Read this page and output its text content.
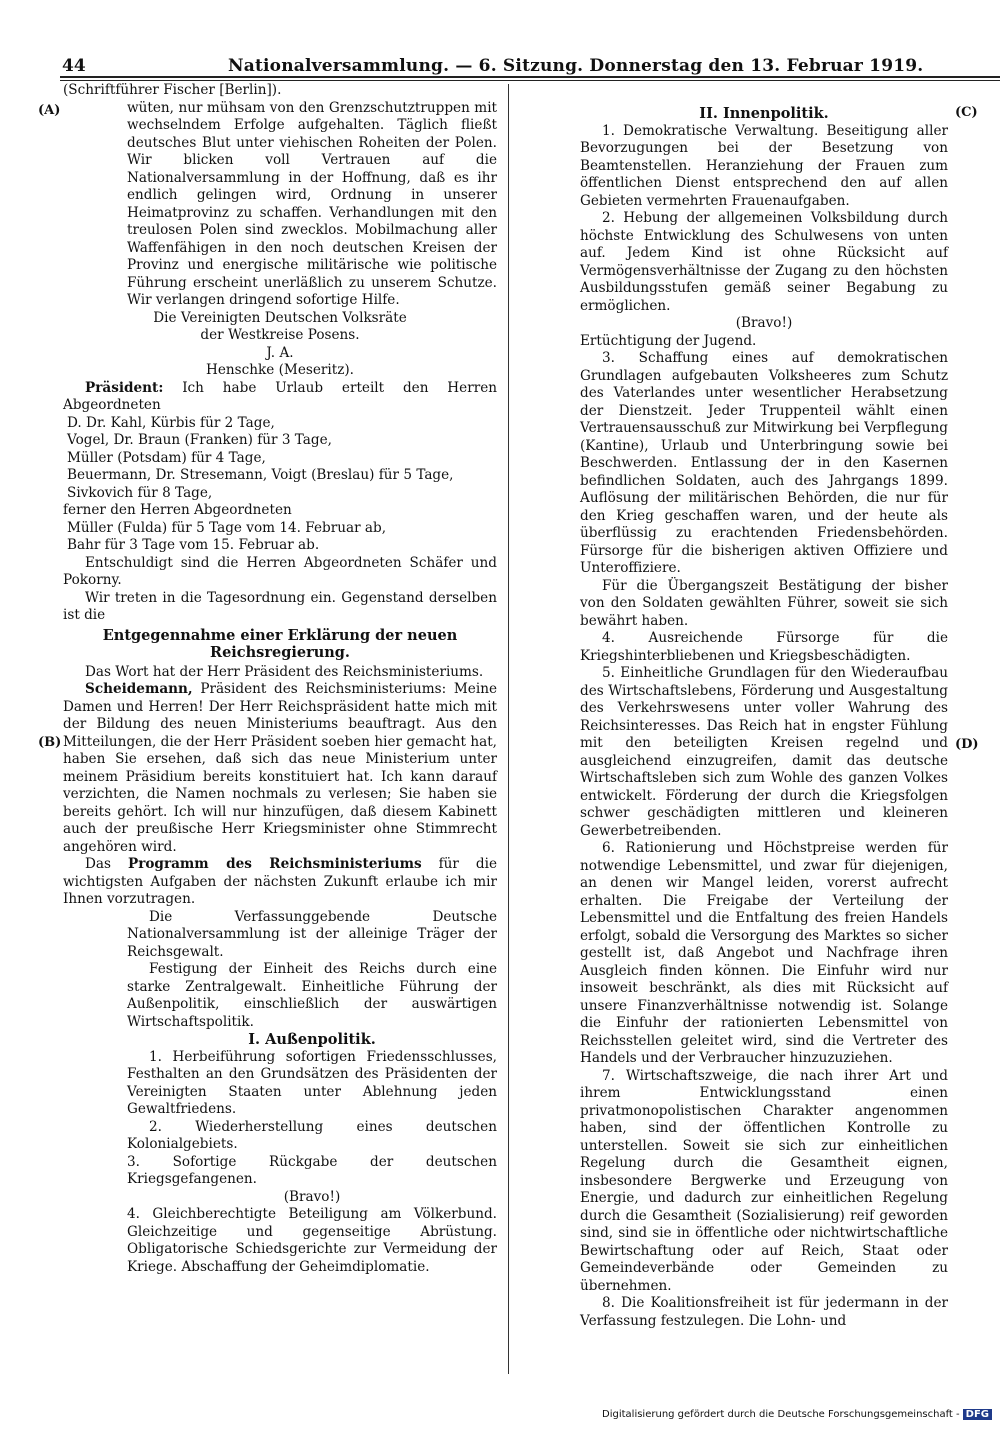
44	Nationalversammlung. — 6. Sitzung. Donnerstag den 13. Februar 1919.
(A)
(B)
(C)
(D)

(Schriftführer Fischer [Berlin]).

wüten, nur mühsam von den Grenzschutztruppen mit wechselndem Erfolge aufgehalten. Täglich fließt deutsches Blut unter viehischen Roheiten der Polen. Wir blicken voll Vertrauen auf die Nationalversammlung in der Hoffnung, daß es ihr endlich gelingen wird, Ordnung in unserer Heimatprovinz zu schaffen. Verhandlungen mit den treulosen Polen sind zwecklos. Mobilmachung aller Waffenfähigen in den noch deutschen Kreisen der Provinz und energische militärische wie politische Führung erscheint unerläßlich zu unserem Schutze. Wir verlangen dringend sofortige Hilfe.

Die Vereinigten Deutschen Volksräte

der Westkreise Posens.

J. A.

Henschke (Meseritz).

Präsident: Ich habe Urlaub erteilt den Herren Abgeordneten

D. Dr. Kahl, Kürbis für 2 Tage,

Vogel, Dr. Braun (Franken) für 3 Tage,

Müller (Potsdam) für 4 Tage,

Beuermann, Dr. Stresemann, Voigt (Breslau) für 5 Tage,

Sivkovich für 8 Tage,

ferner den Herren Abgeordneten

Müller (Fulda) für 5 Tage vom 14. Februar ab,

Bahr für 3 Tage vom 15. Februar ab.

Entschuldigt sind die Herren Abgeordneten Schäfer und Pokorny.

Wir treten in die Tagesordnung ein. Gegenstand derselben ist die

Entgegennahme einer Erklärung der neuen Reichsregierung.

Das Wort hat der Herr Präsident des Reichsministeriums.

Scheidemann, Präsident des Reichsministeriums: Meine Damen und Herren! Der Herr Reichspräsident hatte mich mit der Bildung des neuen Ministeriums beauftragt. Aus den Mitteilungen, die der Herr Präsident soeben hier gemacht hat, haben Sie ersehen, daß sich das neue Ministerium unter meinem Präsidium bereits konstituiert hat. Ich kann darauf verzichten, die Namen nochmals zu verlesen; Sie haben sie bereits gehört. Ich will nur hinzufügen, daß diesem Kabinett auch der preußische Herr Kriegsminister ohne Stimmrecht angehören wird.

Das Programm des Reichsministeriums für die wichtigsten Aufgaben der nächsten Zukunft erlaube ich mir Ihnen vorzutragen.

Die Verfassunggebende Deutsche Nationalversammlung ist der alleinige Träger der Reichsgewalt.

Festigung der Einheit des Reichs durch eine starke Zentralgewalt. Einheitliche Führung der Außenpolitik, einschließlich der auswärtigen Wirtschaftspolitik.

I. Außenpolitik.

1. Herbeiführung sofortigen Friedensschlusses, Festhalten an den Grundsätzen des Präsidenten der Vereinigten Staaten unter Ablehnung jeden Gewaltfriedens.

2. Wiederherstellung eines deutschen Kolonialgebiets.

3. Sofortige Rückgabe der deutschen Kriegsgefangenen.

(Bravo!)

4. Gleichberechtigte Beteiligung am Völkerbund. Gleichzeitige und gegenseitige Abrüstung. Obligatorische Schiedsgerichte zur Vermeidung der Kriege. Abschaffung der Geheimdiplomatie.

II. Innenpolitik.

1. Demokratische Verwaltung. Beseitigung aller Bevorzugungen bei der Besetzung von Beamtenstellen. Heranziehung der Frauen zum öffentlichen Dienst entsprechend den auf allen Gebieten vermehrten Frauenaufgaben.

2. Hebung der allgemeinen Volksbildung durch höchste Entwicklung des Schulwesens von unten auf. Jedem Kind ist ohne Rücksicht auf Vermögensverhältnisse der Zugang zu den höchsten Ausbildungsstufen gemäß seiner Begabung zu ermöglichen.

(Bravo!)

Ertüchtigung der Jugend.

3. Schaffung eines auf demokratischen Grundlagen aufgebauten Volksheeres zum Schutz des Vaterlandes unter wesentlicher Herabsetzung der Dienstzeit. Jeder Truppenteil wählt einen Vertrauensausschuß zur Mitwirkung bei Verpflegung (Kantine), Urlaub und Unterbringung sowie bei Beschwerden. Entlassung der in den Kasernen befindlichen Soldaten, auch des Jahrgangs 1899. Auflösung der militärischen Behörden, die nur für den Krieg geschaffen waren, und der heute als überflüssig zu erachtenden Friedensbehörden. Fürsorge für die bisherigen aktiven Offiziere und Unteroffiziere.

Für die Übergangszeit Bestätigung der bisher von den Soldaten gewählten Führer, soweit sie sich bewährt haben.

4. Ausreichende Fürsorge für die Kriegshinterbliebenen und Kriegsbeschädigten.

5. Einheitliche Grundlagen für den Wiederaufbau des Wirtschaftslebens, Förderung und Ausgestaltung des Verkehrswesens unter voller Wahrung des Reichsinteresses. Das Reich hat in engster Fühlung mit den beteiligten Kreisen regelnd und ausgleichend einzugreifen, damit das deutsche Wirtschaftsleben sich zum Wohle des ganzen Volkes entwickelt. Förderung der durch die Kriegsfolgen schwer geschädigten mittleren und kleineren Gewerbetreibenden.

6. Rationierung und Höchstpreise werden für notwendige Lebensmittel, und zwar für diejenigen, an denen wir Mangel leiden, vorerst aufrecht erhalten. Die Freigabe der Verteilung der Lebensmittel und die Entfaltung des freien Handels erfolgt, sobald die Versorgung des Marktes so sicher gestellt ist, daß Angebot und Nachfrage ihren Ausgleich finden können. Die Einfuhr wird nur insoweit beschränkt, als dies mit Rücksicht auf unsere Finanzverhältnisse notwendig ist. Solange die Einfuhr der rationierten Lebensmittel von Reichsstellen geleitet wird, sind die Vertreter des Handels und der Verbraucher hinzuzuziehen.

7. Wirtschaftszweige, die nach ihrer Art und ihrem Entwicklungsstand einen privatmonopolistischen Charakter angenommen haben, sind der öffentlichen Kontrolle zu unterstellen. Soweit sie sich zur einheitlichen Regelung durch die Gesamtheit eignen, insbesondere Bergwerke und Erzeugung von Energie, und dadurch zur einheitlichen Regelung durch die Gesamtheit (Sozialisierung) reif geworden sind, sind sie in öffentliche oder nichtwirtschaftliche Bewirtschaftung oder auf Reich, Staat oder Gemeindeverbände oder Gemeinden zu übernehmen.

8. Die Koalitionsfreiheit ist für jedermann in der Verfassung festzulegen. Die Lohn- und

Digitalisierung gefördert durch die Deutsche Forschungsgemeinschaft - DFG
